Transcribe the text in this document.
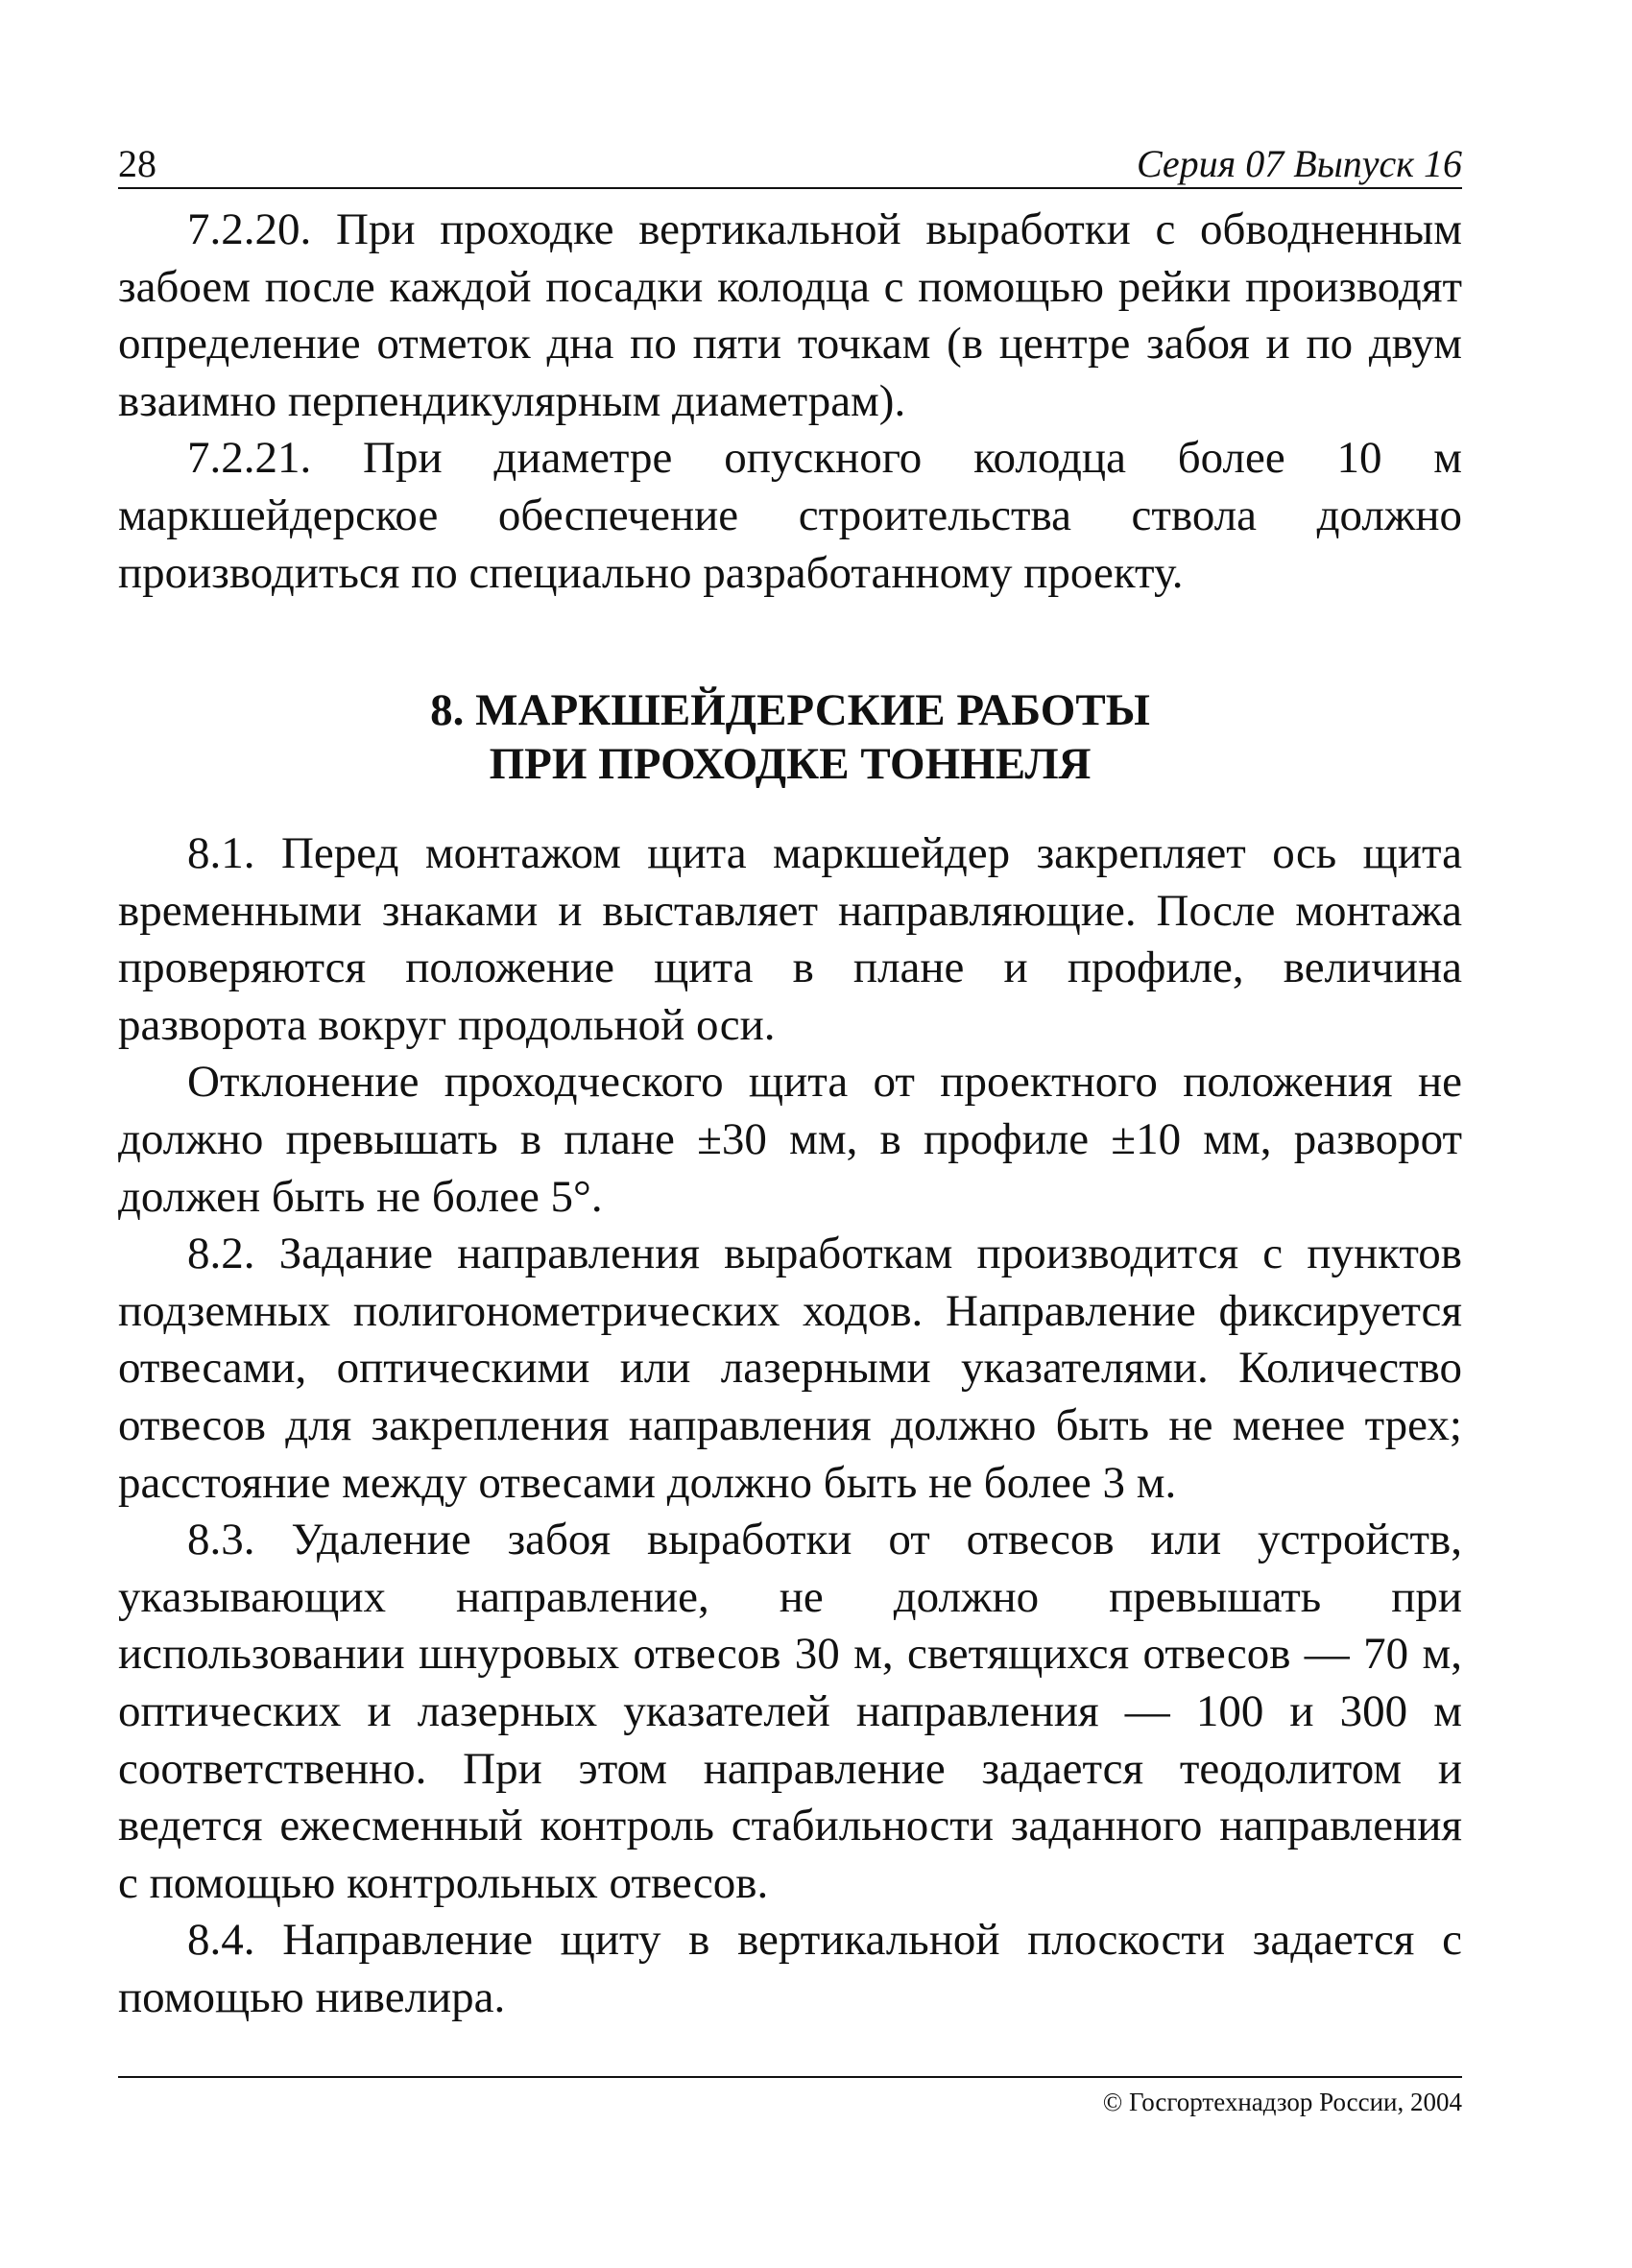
28	Серия 07 Выпуск 16

7.2.20. При проходке вертикальной выработки с обводненным забоем после каждой посадки колодца с помощью рейки производят определение отметок дна по пяти точкам (в центре забоя и по двум взаимно перпендикулярным диаметрам).

7.2.21. При диаметре опускного колодца более 10 м маркшейдерское обеспечение строительства ствола должно производиться по специально разработанному проекту.

8. МАРКШЕЙДЕРСКИЕ РАБОТЫ
ПРИ ПРОХОДКЕ ТОННЕЛЯ

8.1. Перед монтажом щита маркшейдер закрепляет ось щита временными знаками и выставляет направляющие. После монтажа проверяются положение щита в плане и профиле, величина разворота вокруг продольной оси.

Отклонение проходческого щита от проектного положения не должно превышать в плане ±30 мм, в профиле ±10 мм, разворот должен быть не более 5°.

8.2. Задание направления выработкам производится с пунктов подземных полигонометрических ходов. Направление фиксируется отвесами, оптическими или лазерными указателями. Количество отвесов для закрепления направления должно быть не менее трех; расстояние между отвесами должно быть не более 3 м.

8.3. Удаление забоя выработки от отвесов или устройств, указывающих направление, не должно превышать при использовании шнуровых отвесов 30 м, светящихся отвесов — 70 м, оптических и лазерных указателей направления — 100 и 300 м соответственно. При этом направление задается теодолитом и ведется ежесменный контроль стабильности заданного направления с помощью контрольных отвесов.

8.4. Направление щиту в вертикальной плоскости задается с помощью нивелира.

© Госгортехнадзор России, 2004
